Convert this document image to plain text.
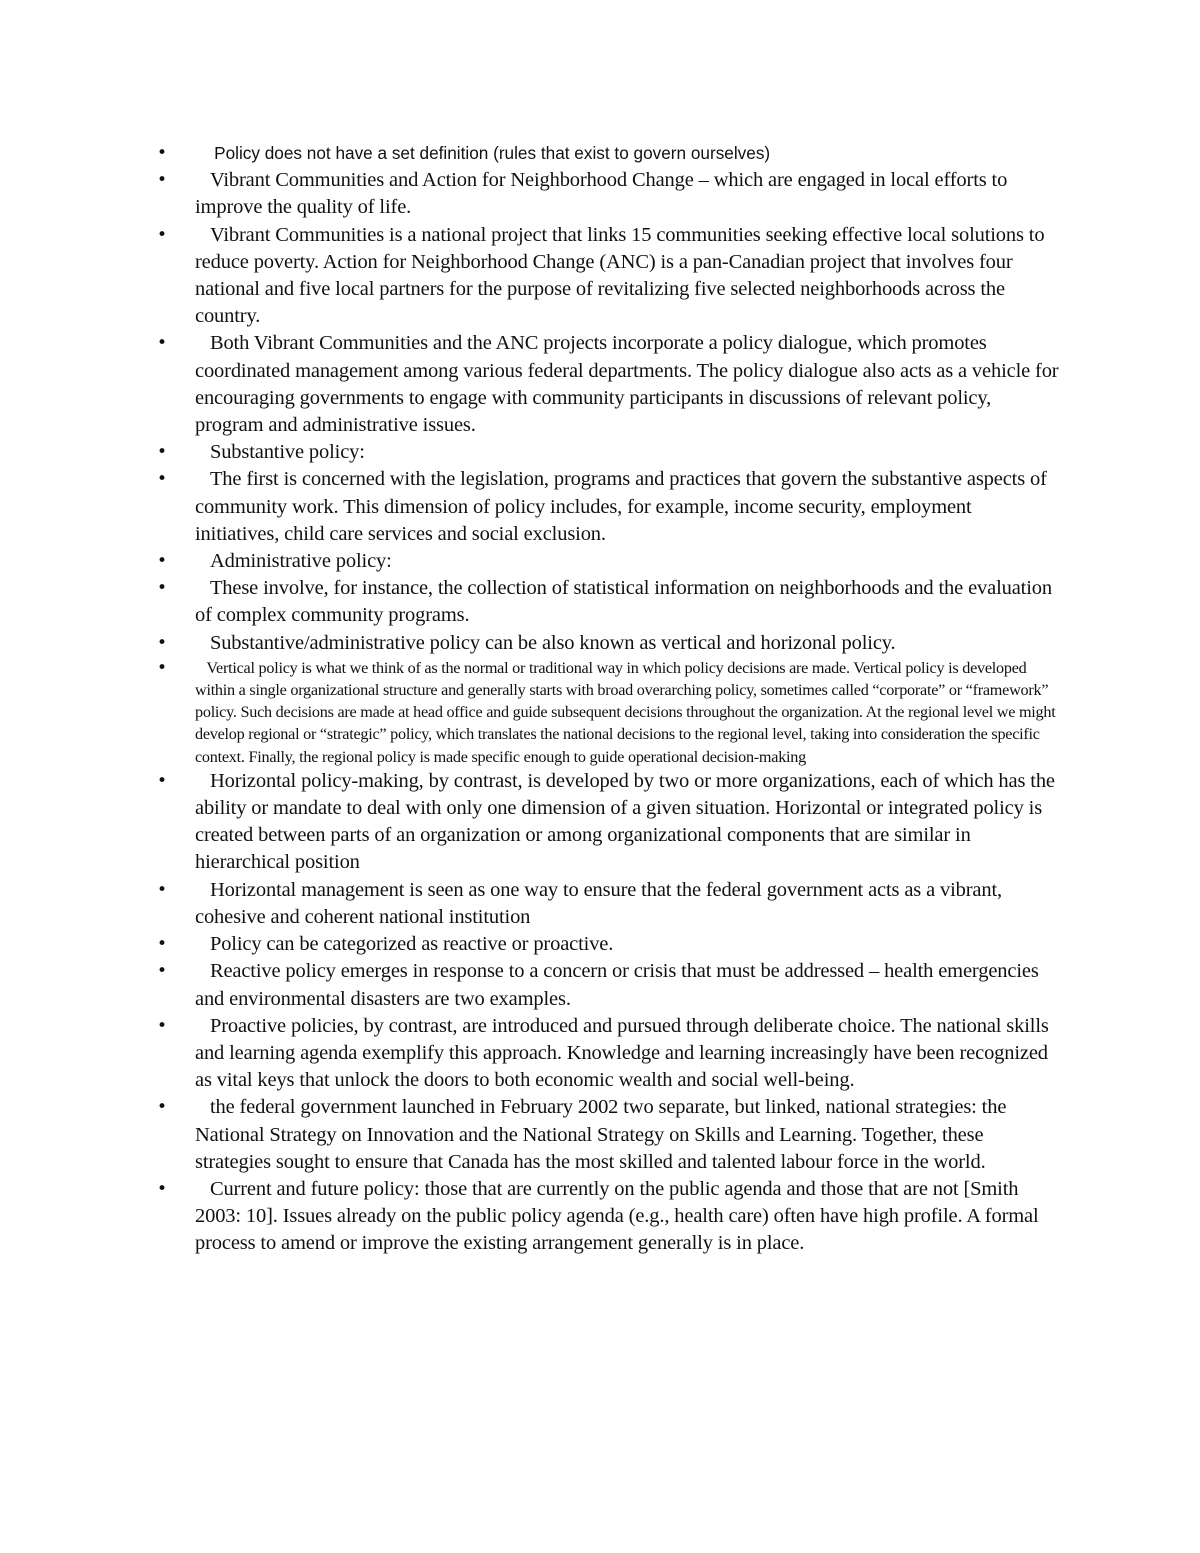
•	Policy does not have a set definition (rules that exist to govern ourselves)
•	Vibrant Communities and Action for Neighborhood Change – which are engaged in local efforts to improve the quality of life.
•	Vibrant Communities is a national project that links 15 communities seeking effective local solutions to reduce poverty. Action for Neighborhood Change (ANC) is a pan-Canadian project that involves four national and five local partners for the purpose of revitalizing five selected neighborhoods across the country.
•	Both Vibrant Communities and the ANC projects incorporate a policy dialogue, which promotes coordinated management among various federal departments. The policy dialogue also acts as a vehicle for encouraging governments to engage with community participants in discussions of relevant policy, program and administrative issues.
•	Substantive policy:
•	The first is concerned with the legislation, programs and practices that govern the substantive aspects of community work. This dimension of policy includes, for example, income security, employment initiatives, child care services and social exclusion.
•	Administrative policy:
•	These involve, for instance, the collection of statistical information on neighborhoods and the evaluation of complex community programs.
•	Substantive/administrative policy can be also known as vertical and horizonal policy.
•	Vertical policy is what we think of as the normal or traditional way in which policy decisions are made. Vertical policy is developed within a single organizational structure and generally starts with broad overarching policy, sometimes called “corporate” or “framework” policy. Such decisions are made at head office and guide subsequent decisions throughout the organization. At the regional level we might develop regional or “strategic” policy, which translates the national decisions to the regional level, taking into consideration the specific context. Finally, the regional policy is made specific enough to guide operational decision-making
•	Horizontal policy-making, by contrast, is developed by two or more organizations, each of which has the ability or mandate to deal with only one dimension of a given situation. Horizontal or integrated policy is created between parts of an organization or among organizational components that are similar in hierarchical position
•	Horizontal management is seen as one way to ensure that the federal government acts as a vibrant, cohesive and coherent national institution
•	Policy can be categorized as reactive or proactive.
•	Reactive policy emerges in response to a concern or crisis that must be addressed – health emergencies and environmental disasters are two examples.
•	Proactive policies, by contrast, are introduced and pursued through deliberate choice. The national skills and learning agenda exemplify this approach. Knowledge and learning increasingly have been recognized as vital keys that unlock the doors to both economic wealth and social well-being.
•	the federal government launched in February 2002 two separate, but linked, national strategies: the National Strategy on Innovation and the National Strategy on Skills and Learning. Together, these strategies sought to ensure that Canada has the most skilled and talented labour force in the world.
•	Current and future policy: those that are currently on the public agenda and those that are not [Smith 2003: 10]. Issues already on the public policy agenda (e.g., health care) often have high profile. A formal process to amend or improve the existing arrangement generally is in place.
